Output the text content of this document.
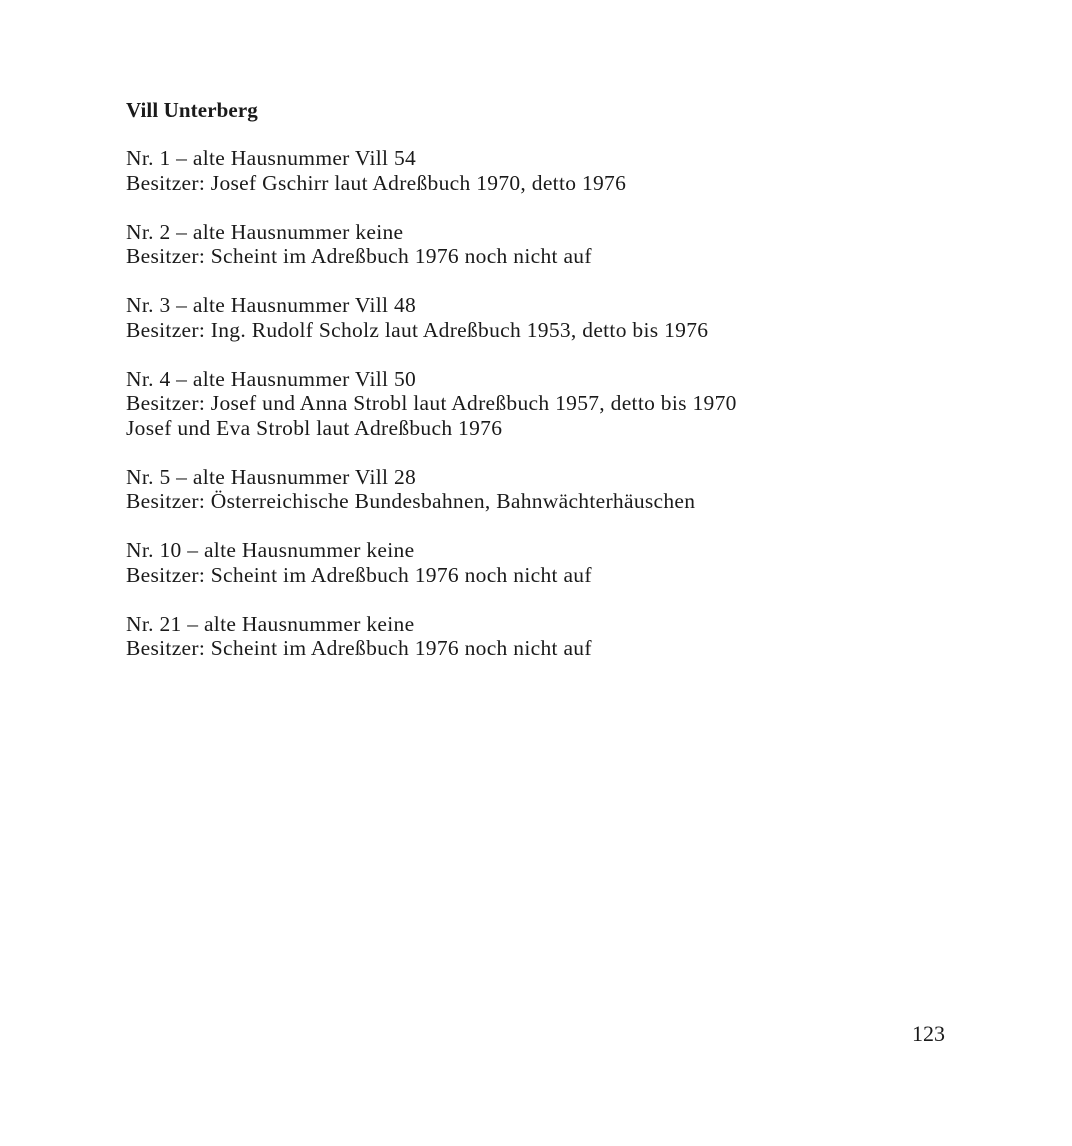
Vill Unterberg
Nr. 1 – alte Hausnummer Vill 54
Besitzer: Josef Gschirr laut Adreßbuch 1970, detto 1976
Nr. 2 – alte Hausnummer keine
Besitzer: Scheint im Adreßbuch 1976 noch nicht auf
Nr. 3 – alte Hausnummer Vill 48
Besitzer: Ing. Rudolf Scholz laut Adreßbuch 1953, detto bis 1976
Nr. 4 – alte Hausnummer Vill 50
Besitzer: Josef und Anna Strobl laut Adreßbuch 1957, detto bis 1970
Josef und Eva Strobl laut Adreßbuch 1976
Nr. 5 – alte Hausnummer Vill 28
Besitzer: Österreichische Bundesbahnen, Bahnwächterhäuschen
Nr. 10 – alte Hausnummer keine
Besitzer: Scheint im Adreßbuch 1976 noch nicht auf
Nr. 21 – alte Hausnummer keine
Besitzer: Scheint im Adreßbuch 1976 noch nicht auf
123
